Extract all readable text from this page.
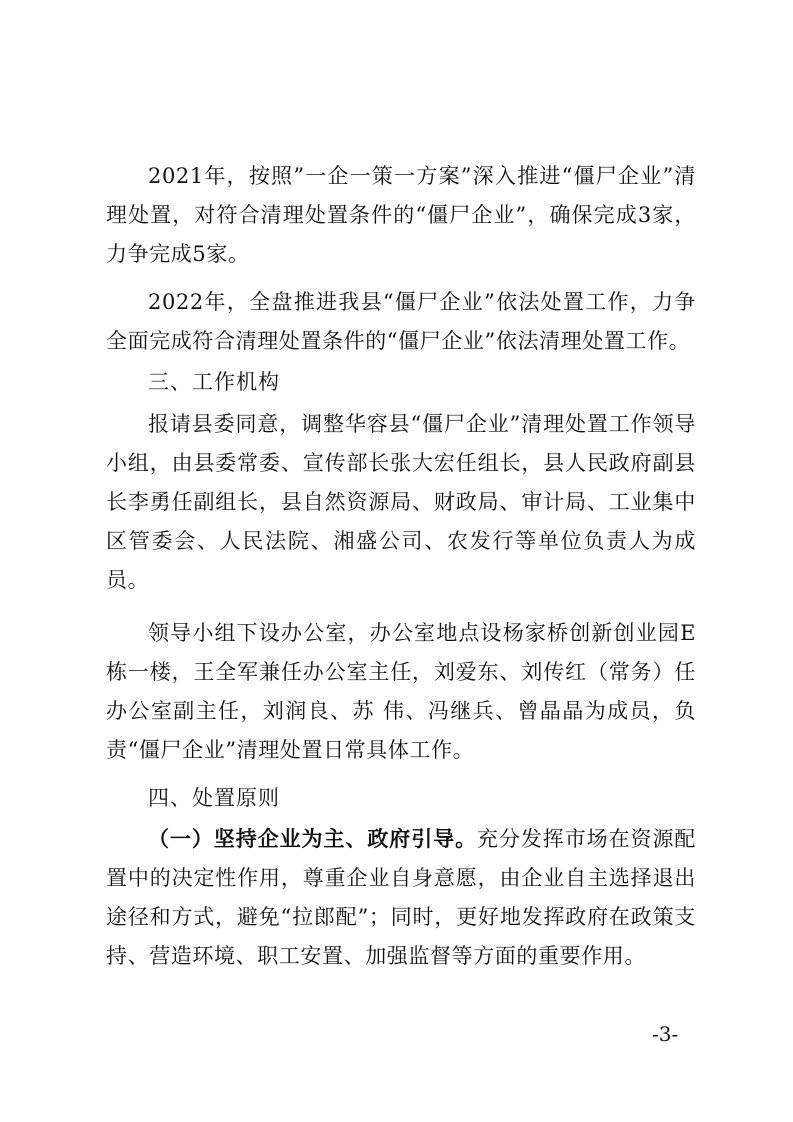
2021年，按照”一企一策一方案”深入推进“僵尸企业”清理处置，对符合清理处置条件的“僵尸企业”，确保完成3家，力争完成5家。

2022年，全盘推进我县“僵尸企业”依法处置工作，力争全面完成符合清理处置条件的“僵尸企业”依法清理处置工作。

三、工作机构

报请县委同意，调整华容县“僵尸企业”清理处置工作领导小组，由县委常委、宣传部长张大宏任组长，县人民政府副县长李勇任副组长，县自然资源局、财政局、审计局、工业集中区管委会、人民法院、湘盛公司、农发行等单位负责人为成员。

领导小组下设办公室，办公室地点设杨家桥创新创业园E栋一楼，王全军兼任办公室主任，刘爱东、刘传红（常务）任办公室副主任，刘润良、苏 伟、冯继兵、曾晶晶为成员，负责“僵尸企业”清理处置日常具体工作。

四、处置原则

（一）坚持企业为主、政府引导。充分发挥市场在资源配置中的决定性作用，尊重企业自身意愿，由企业自主选择退出途径和方式，避免“拉郎配”；同时，更好地发挥政府在政策支持、营造环境、职工安置、加强监督等方面的重要作用。

-3-
